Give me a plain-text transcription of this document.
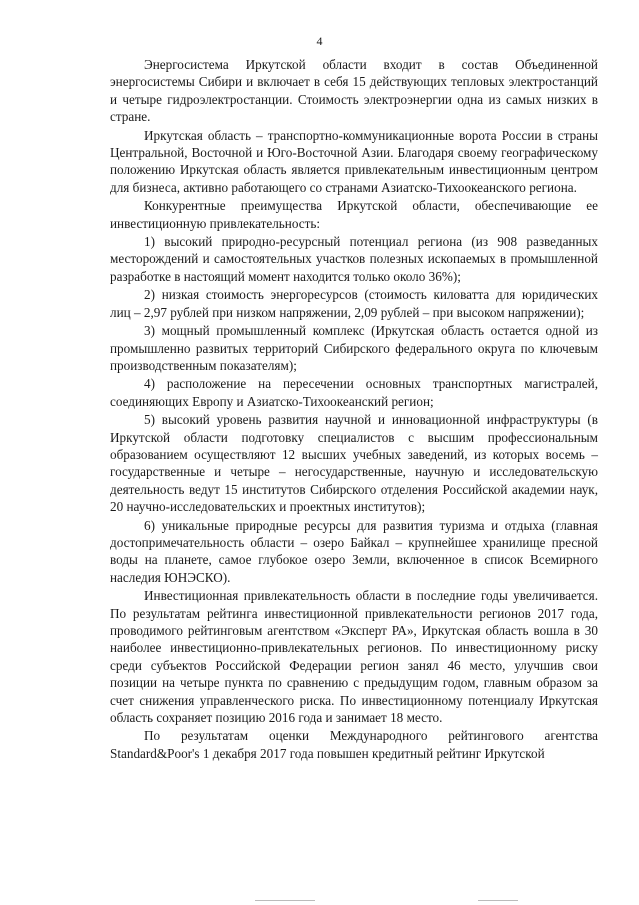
4

Энергосистема Иркутской области входит в состав Объединенной энергосистемы Сибири и включает в себя 15 действующих тепловых электростанций и четыре гидроэлектростанции. Стоимость электроэнергии одна из самых низких в стране.

Иркутская область – транспортно-коммуникационные ворота России в страны Центральной, Восточной и Юго-Восточной Азии. Благодаря своему географическому положению Иркутская область является привлекательным инвестиционным центром для бизнеса, активно работающего со странами Азиатско-Тихоокеанского региона.

Конкурентные преимущества Иркутской области, обеспечивающие ее инвестиционную привлекательность:

1) высокий природно-ресурсный потенциал региона (из 908 разведанных месторождений и самостоятельных участков полезных ископаемых в промышленной разработке в настоящий момент находится только около 36%);

2) низкая стоимость энергоресурсов (стоимость киловатта для юридических лиц – 2,97 рублей при низком напряжении, 2,09 рублей – при высоком напряжении);

3) мощный промышленный комплекс (Иркутская область остается одной из промышленно развитых территорий Сибирского федерального округа по ключевым производственным показателям);

4) расположение на пересечении основных транспортных магистралей, соединяющих Европу и Азиатско-Тихоокеанский регион;

5) высокий уровень развития научной и инновационной инфраструктуры (в Иркутской области подготовку специалистов с высшим профессиональным образованием осуществляют 12 высших учебных заведений, из которых восемь – государственные и четыре – негосударственные, научную и исследовательскую деятельность ведут 15 институтов Сибирского отделения Российской академии наук, 20 научно-исследовательских и проектных институтов);

6) уникальные природные ресурсы для развития туризма и отдыха (главная достопримечательность области – озеро Байкал – крупнейшее хранилище пресной воды на планете, самое глубокое озеро Земли, включенное в список Всемирного наследия ЮНЭСКО).

Инвестиционная привлекательность области в последние годы увеличивается. По результатам рейтинга инвестиционной привлекательности регионов 2017 года, проводимого рейтинговым агентством «Эксперт РА», Иркутская область вошла в 30 наиболее инвестиционно-привлекательных регионов. По инвестиционному риску среди субъектов Российской Федерации регион занял 46 место, улучшив свои позиции на четыре пункта по сравнению с предыдущим годом, главным образом за счет снижения управленческого риска. По инвестиционному потенциалу Иркутская область сохраняет позицию 2016 года и занимает 18 место.

По результатам оценки Международного рейтингового агентства Standard&Poor's 1 декабря 2017 года повышен кредитный рейтинг Иркутской
